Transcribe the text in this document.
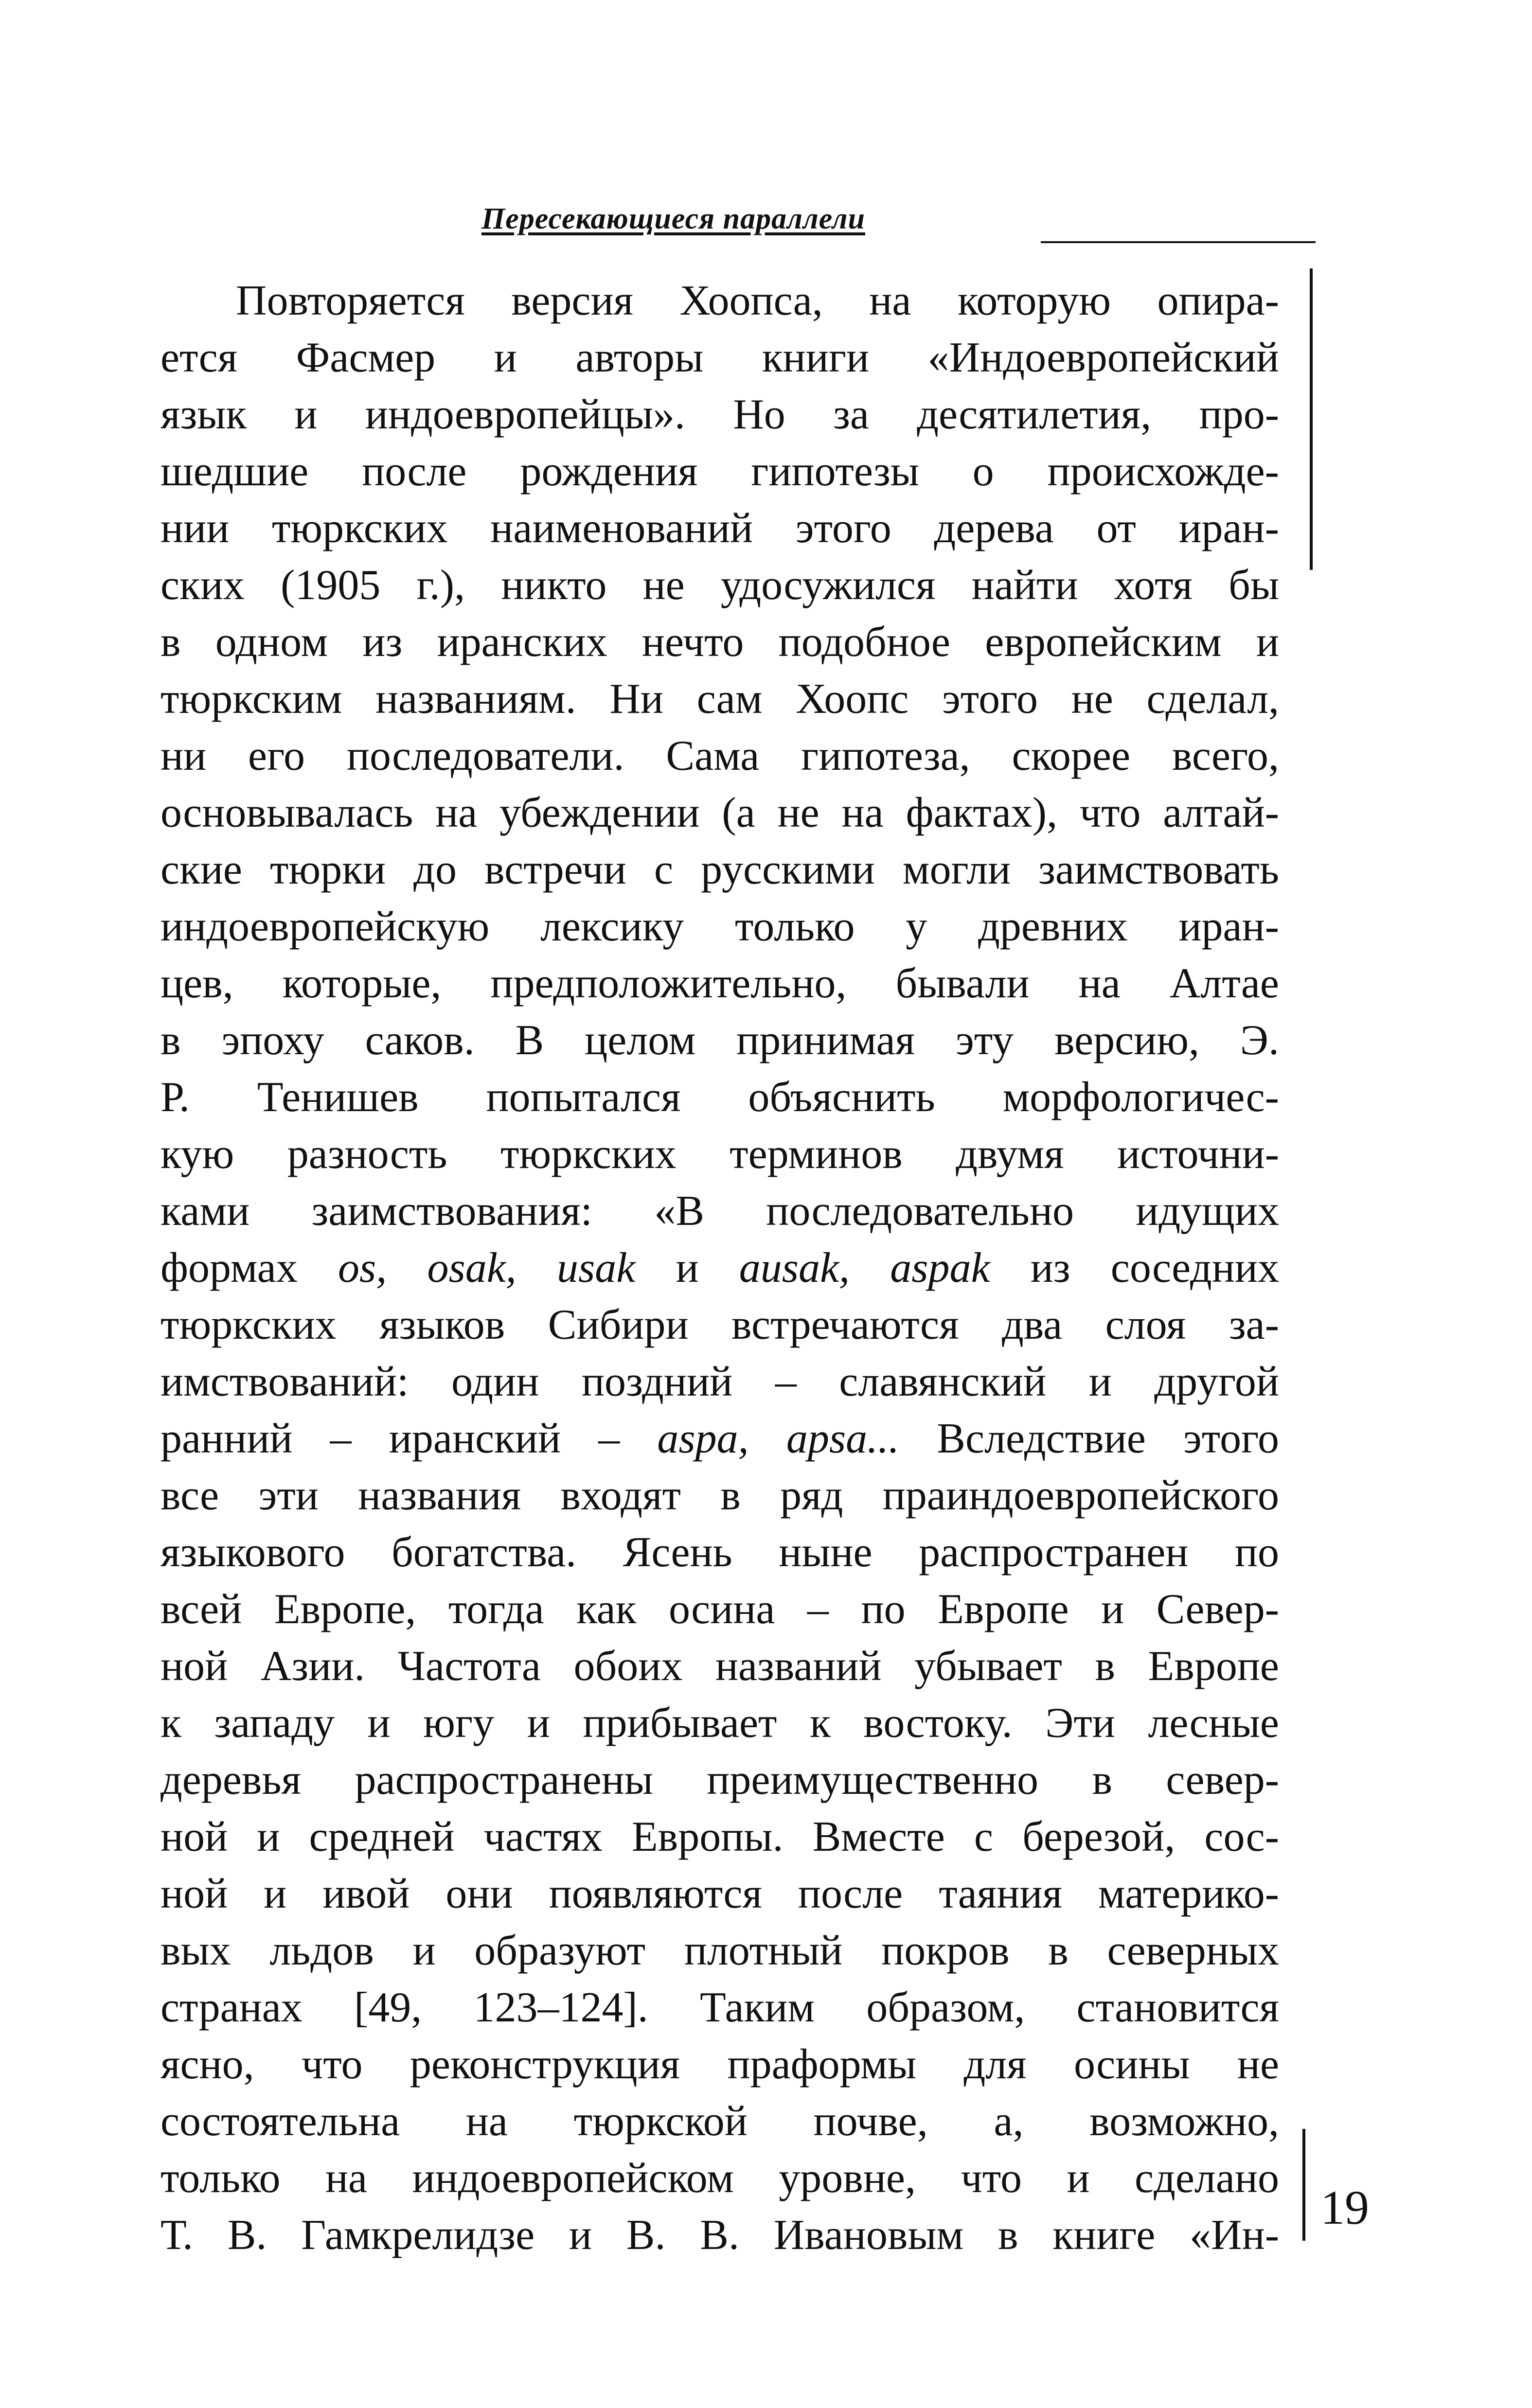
Пересекающиеся параллели
Повторяется версия Хоопса, на которую опира-
ется Фасмер и авторы книги «Индоевропейский
язык и индоевропейцы». Но за десятилетия, про-
шедшие после рождения гипотезы о происхожде-
нии тюркских наименований этого дерева от иран-
ских (1905 г.), никто не удосужился найти хотя бы
в одном из иранских нечто подобное европейским и
тюркским названиям. Ни сам Хоопс этого не сделал,
ни его последователи. Сама гипотеза, скорее всего,
основывалась на убеждении (а не на фактах), что алтай-
ские тюрки до встречи с русскими могли заимствовать
индоевропейскую лексику только у древних иран-
цев, которые, предположительно, бывали на Алтае
в эпоху саков. В целом принимая эту версию, Э.
Р. Тенишев попытался объяснить морфологичес-
кую разность тюркских терминов двумя источни-
ками заимствования: «В последовательно идущих
формах os, osak, usak и ausak, aspak из соседних
тюркских языков Сибири встречаются два слоя за-
имствований: один поздний – славянский и другой
ранний – иранский – aspa, apsa... Вследствие этого
все эти названия входят в ряд праиндоевропейского
языкового богатства. Ясень ныне распространен по
всей Европе, тогда как осина – по Европе и Север-
ной Азии. Частота обоих названий убывает в Европе
к западу и югу и прибывает к востоку. Эти лесные
деревья распространены преимущественно в север-
ной и средней частях Европы. Вместе с березой, сос-
ной и ивой они появляются после таяния материко-
вых льдов и образуют плотный покров в северных
странах [49, 123–124]. Таким образом, становится
ясно, что реконструкция праформы для осины не
состоятельна на тюркской почве, а, возможно,
только на индоевропейском уровне, что и сделано
Т. В. Гамкрелидзе и В. В. Ивановым в книге «Ин-
19
